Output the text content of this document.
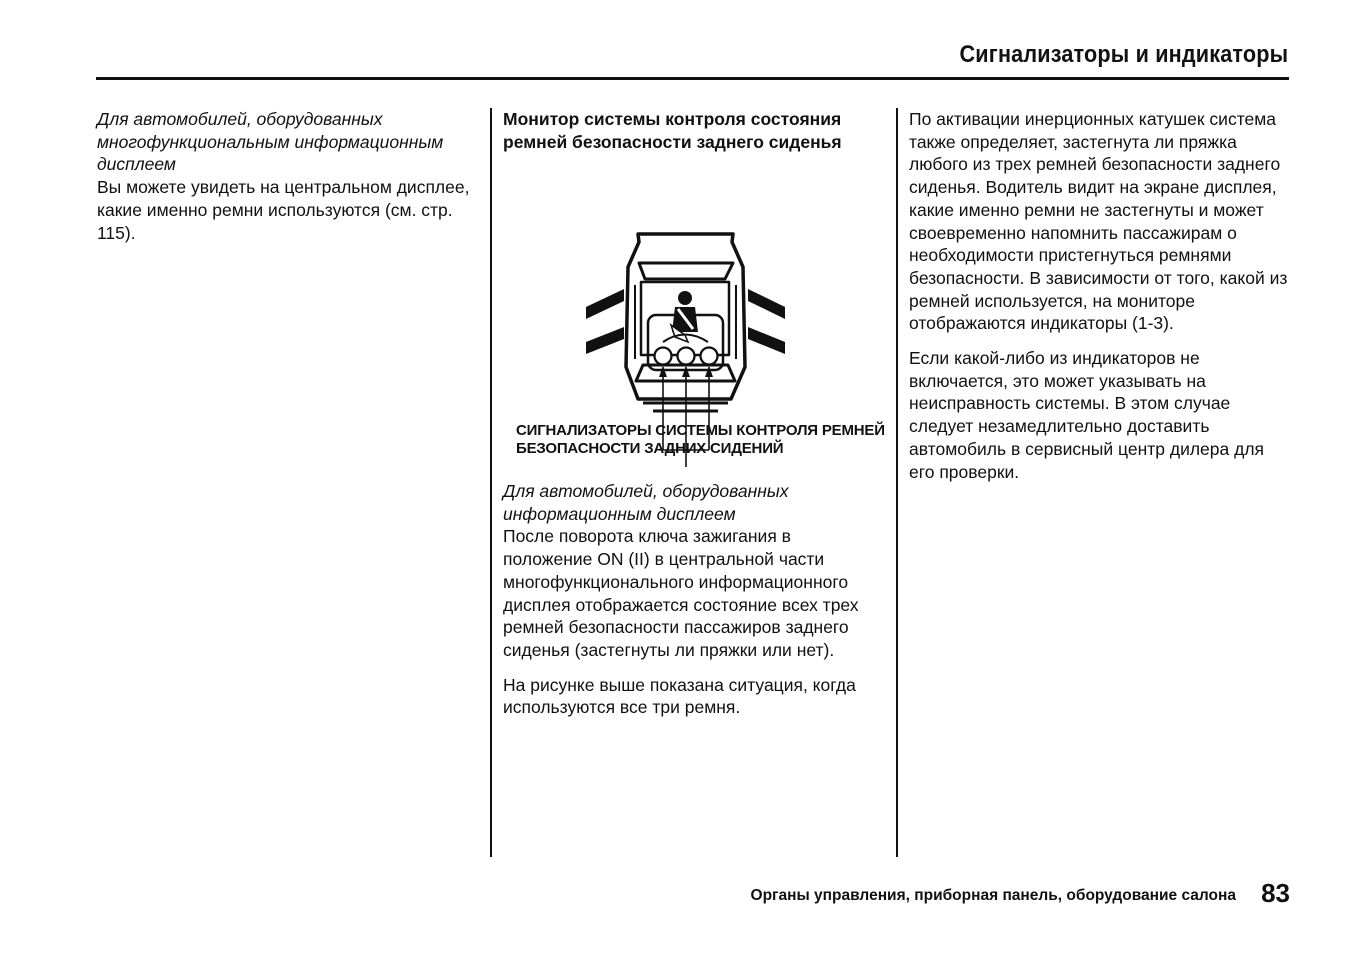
Сигнализаторы и индикаторы

Для автомобилей, оборудованных
многофункциональным информационным
дисплеем
Вы можете увидеть на центральном дисплее, какие именно ремни используются (см. стр. 115).

Монитор системы контроля состояния
ремней безопасности заднего сиденья
СИГНАЛИЗАТОРЫ СИСТЕМЫ КОНТРОЛЯ РЕМНЕЙ
БЕЗОПАСНОСТИ ЗАДНИХ СИДЕНИЙ

Для автомобилей, оборудованных
информационным дисплеем
После поворота ключа зажигания в положение ON (II) в центральной части многофункционального информационного дисплея отображается состояние всех трех ремней безопасности пассажиров заднего сиденья (застегнуты ли пряжки или нет).

На рисунке выше показана ситуация, когда используются все три ремня.

По активации инерционных катушек система также определяет, застегнута ли пряжка любого из трех ремней безопасности заднего сиденья. Водитель видит на экране дисплея, какие именно ремни не застегнуты и может своевременно напомнить пассажирам о необходимости пристегнуться ремнями безопасности. В зависимости от того, какой из ремней используется, на мониторе отображаются индикаторы (1-3).

Если какой-либо из индикаторов не включается, это может указывать на неисправность системы. В этом случае следует незамедлительно доставить автомобиль в сервисный центр дилера для его проверки.

Органы управления, приборная панель, оборудование салона 83
